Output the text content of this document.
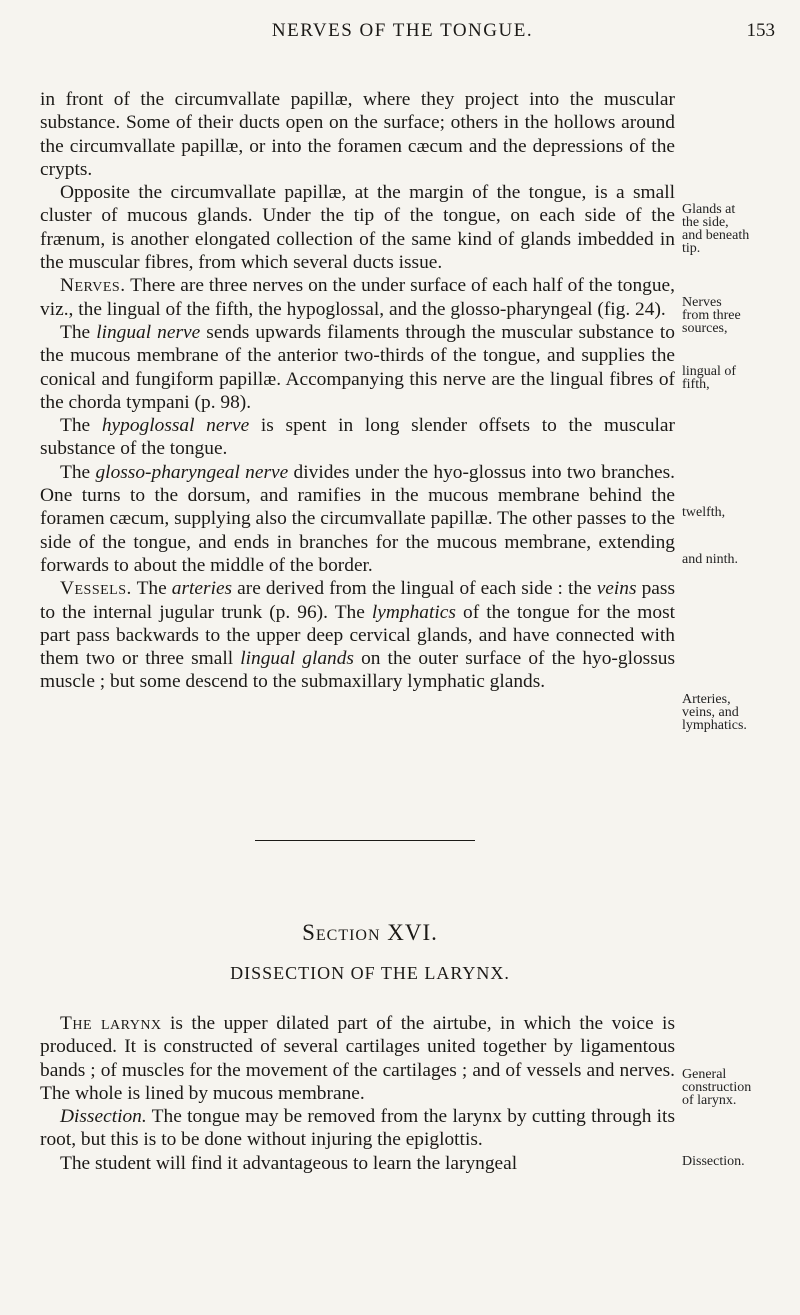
NERVES OF THE TONGUE.	153

in front of the circumvallate papillæ, where they project into the muscular substance. Some of their ducts open on the surface; others in the hollows around the circumvallate papillæ, or into the foramen cæcum and the depressions of the crypts.

Opposite the circumvallate papillæ, at the margin of the tongue, is a small cluster of mucous glands. Under the tip of the tongue, on each side of the frænum, is another elongated collection of the same kind of glands imbedded in the muscular fibres, from which several ducts issue.

Nerves. There are three nerves on the under surface of each half of the tongue, viz., the lingual of the fifth, the hypoglossal, and the glosso-pharyngeal (fig. 24).

The lingual nerve sends upwards filaments through the muscular substance to the mucous membrane of the anterior two-thirds of the tongue, and supplies the conical and fungiform papillæ. Accompanying this nerve are the lingual fibres of the chorda tympani (p. 98).

The hypoglossal nerve is spent in long slender offsets to the muscular substance of the tongue.

The glosso-pharyngeal nerve divides under the hyo-glossus into two branches. One turns to the dorsum, and ramifies in the mucous membrane behind the foramen cæcum, supplying also the circumvallate papillæ. The other passes to the side of the tongue, and ends in branches for the mucous membrane, extending forwards to about the middle of the border.

Vessels. The arteries are derived from the lingual of each side : the veins pass to the internal jugular trunk (p. 96). The lymphatics of the tongue for the most part pass backwards to the upper deep cervical glands, and have connected with them two or three small lingual glands on the outer surface of the hyo-glossus muscle ; but some descend to the submaxillary lymphatic glands.

Glands at
the side,
and beneath
tip.
Nerves
from three
sources,
lingual of
fifth,
twelfth,
and ninth.
Arteries,
veins, and
lymphatics.
General
construction
of larynx.
Dissection.
Section XVI.
DISSECTION OF THE LARYNX.

The larynx is the upper dilated part of the airtube, in which the voice is produced. It is constructed of several cartilages united together by ligamentous bands ; of muscles for the movement of the cartilages ; and of vessels and nerves. The whole is lined by mucous membrane.

Dissection. The tongue may be removed from the larynx by cutting through its root, but this is to be done without injuring the epiglottis.

The student will find it advantageous to learn the laryngeal
